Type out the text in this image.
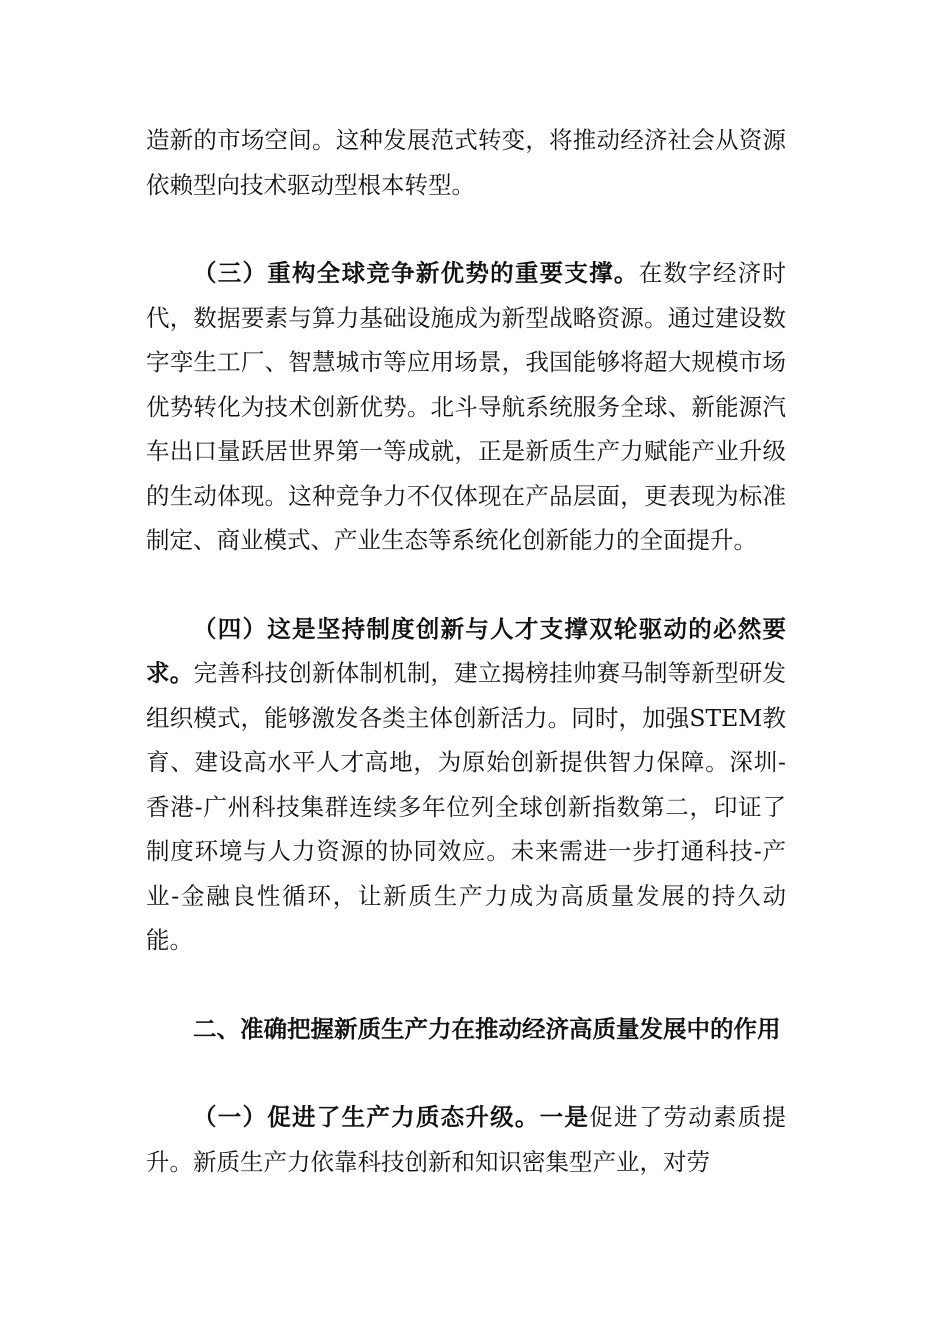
造新的市场空间。这种发展范式转变，将推动经济社会从资源依赖型向技术驱动型根本转型。

（三）重构全球竞争新优势的重要支撑。在数字经济时代，数据要素与算力基础设施成为新型战略资源。通过建设数字孪生工厂、智慧城市等应用场景，我国能够将超大规模市场优势转化为技术创新优势。北斗导航系统服务全球、新能源汽车出口量跃居世界第一等成就，正是新质生产力赋能产业升级的生动体现。这种竞争力不仅体现在产品层面，更表现为标准制定、商业模式、产业生态等系统化创新能力的全面提升。

（四）这是坚持制度创新与人才支撑双轮驱动的必然要求。完善科技创新体制机制，建立揭榜挂帅赛马制等新型研发组织模式，能够激发各类主体创新活力。同时，加强STEM教育、建设高水平人才高地，为原始创新提供智力保障。深圳-香港-广州科技集群连续多年位列全球创新指数第二，印证了制度环境与人力资源的协同效应。未来需进一步打通科技-产业-金融良性循环，让新质生产力成为高质量发展的持久动能。

二、准确把握新质生产力在推动经济高质量发展中的作用

（一）促进了生产力质态升级。一是促进了劳动素质提升。新质生产力依靠科技创新和知识密集型产业，对劳
